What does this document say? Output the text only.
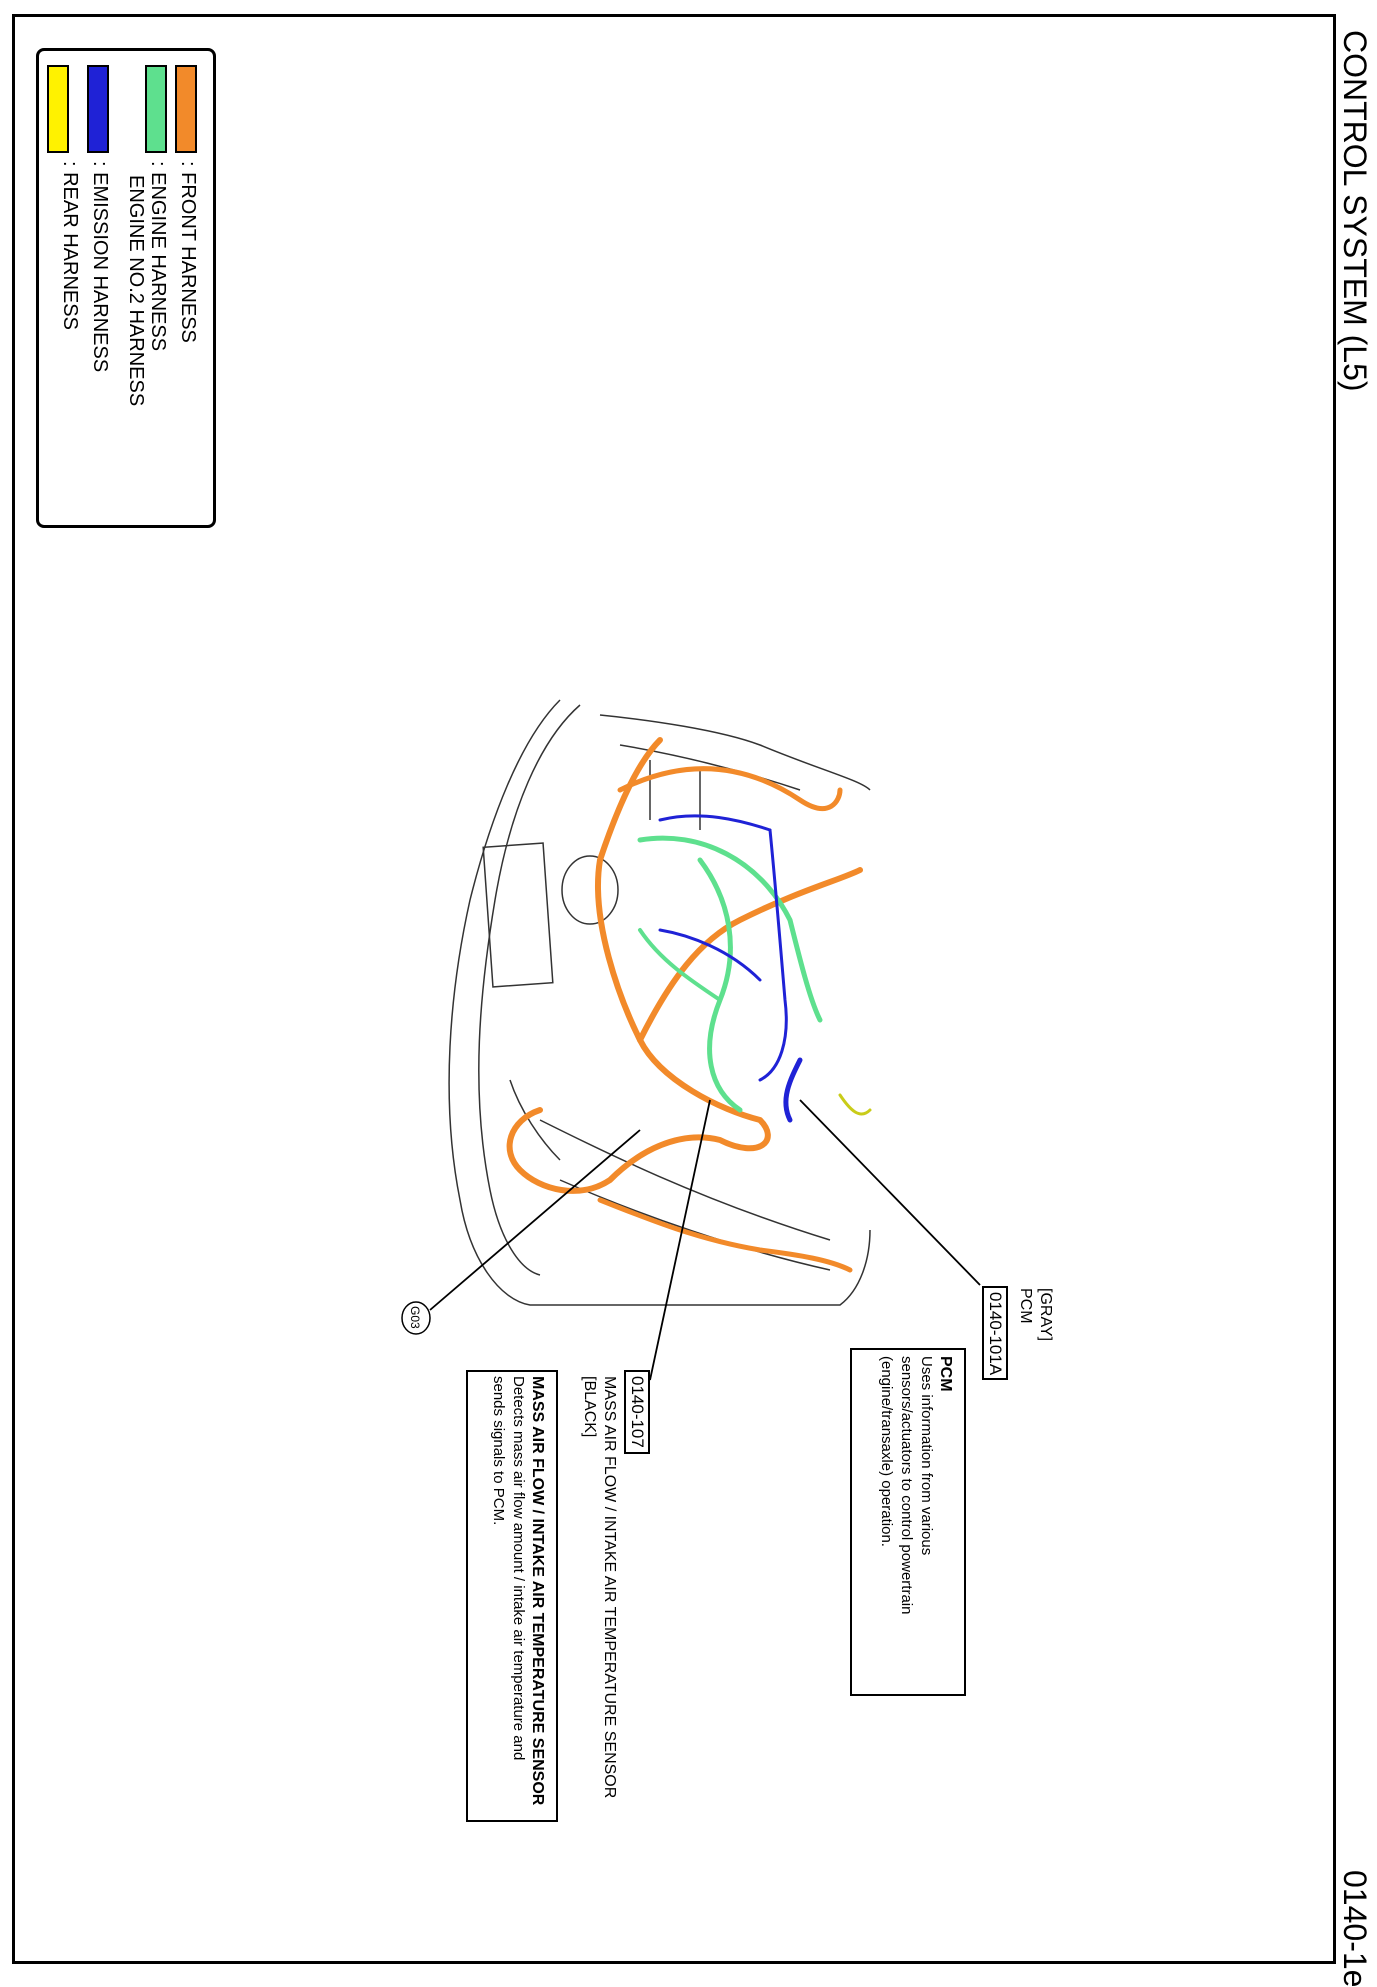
CONTROL SYSTEM (L5)
0140-1e
: FRONT HARNESS
: ENGINE HARNESS
ENGINE NO.2 HARNESS
: EMISSION HARNESS
: REAR HARNESS
G03	0140-101A PCM [GRAY]
PCM
Uses information from various
sensors/actuators to control powertrain
(engine/transaxle) operation.
0140-107
MASS AIR FLOW / INTAKE AIR TEMPERATURE SENSOR
[BLACK]
MASS AIR FLOW / INTAKE AIR TEMPERATURE SENSOR
Detects mass air flow amount / intake air temperature and
sends signals to PCM.
